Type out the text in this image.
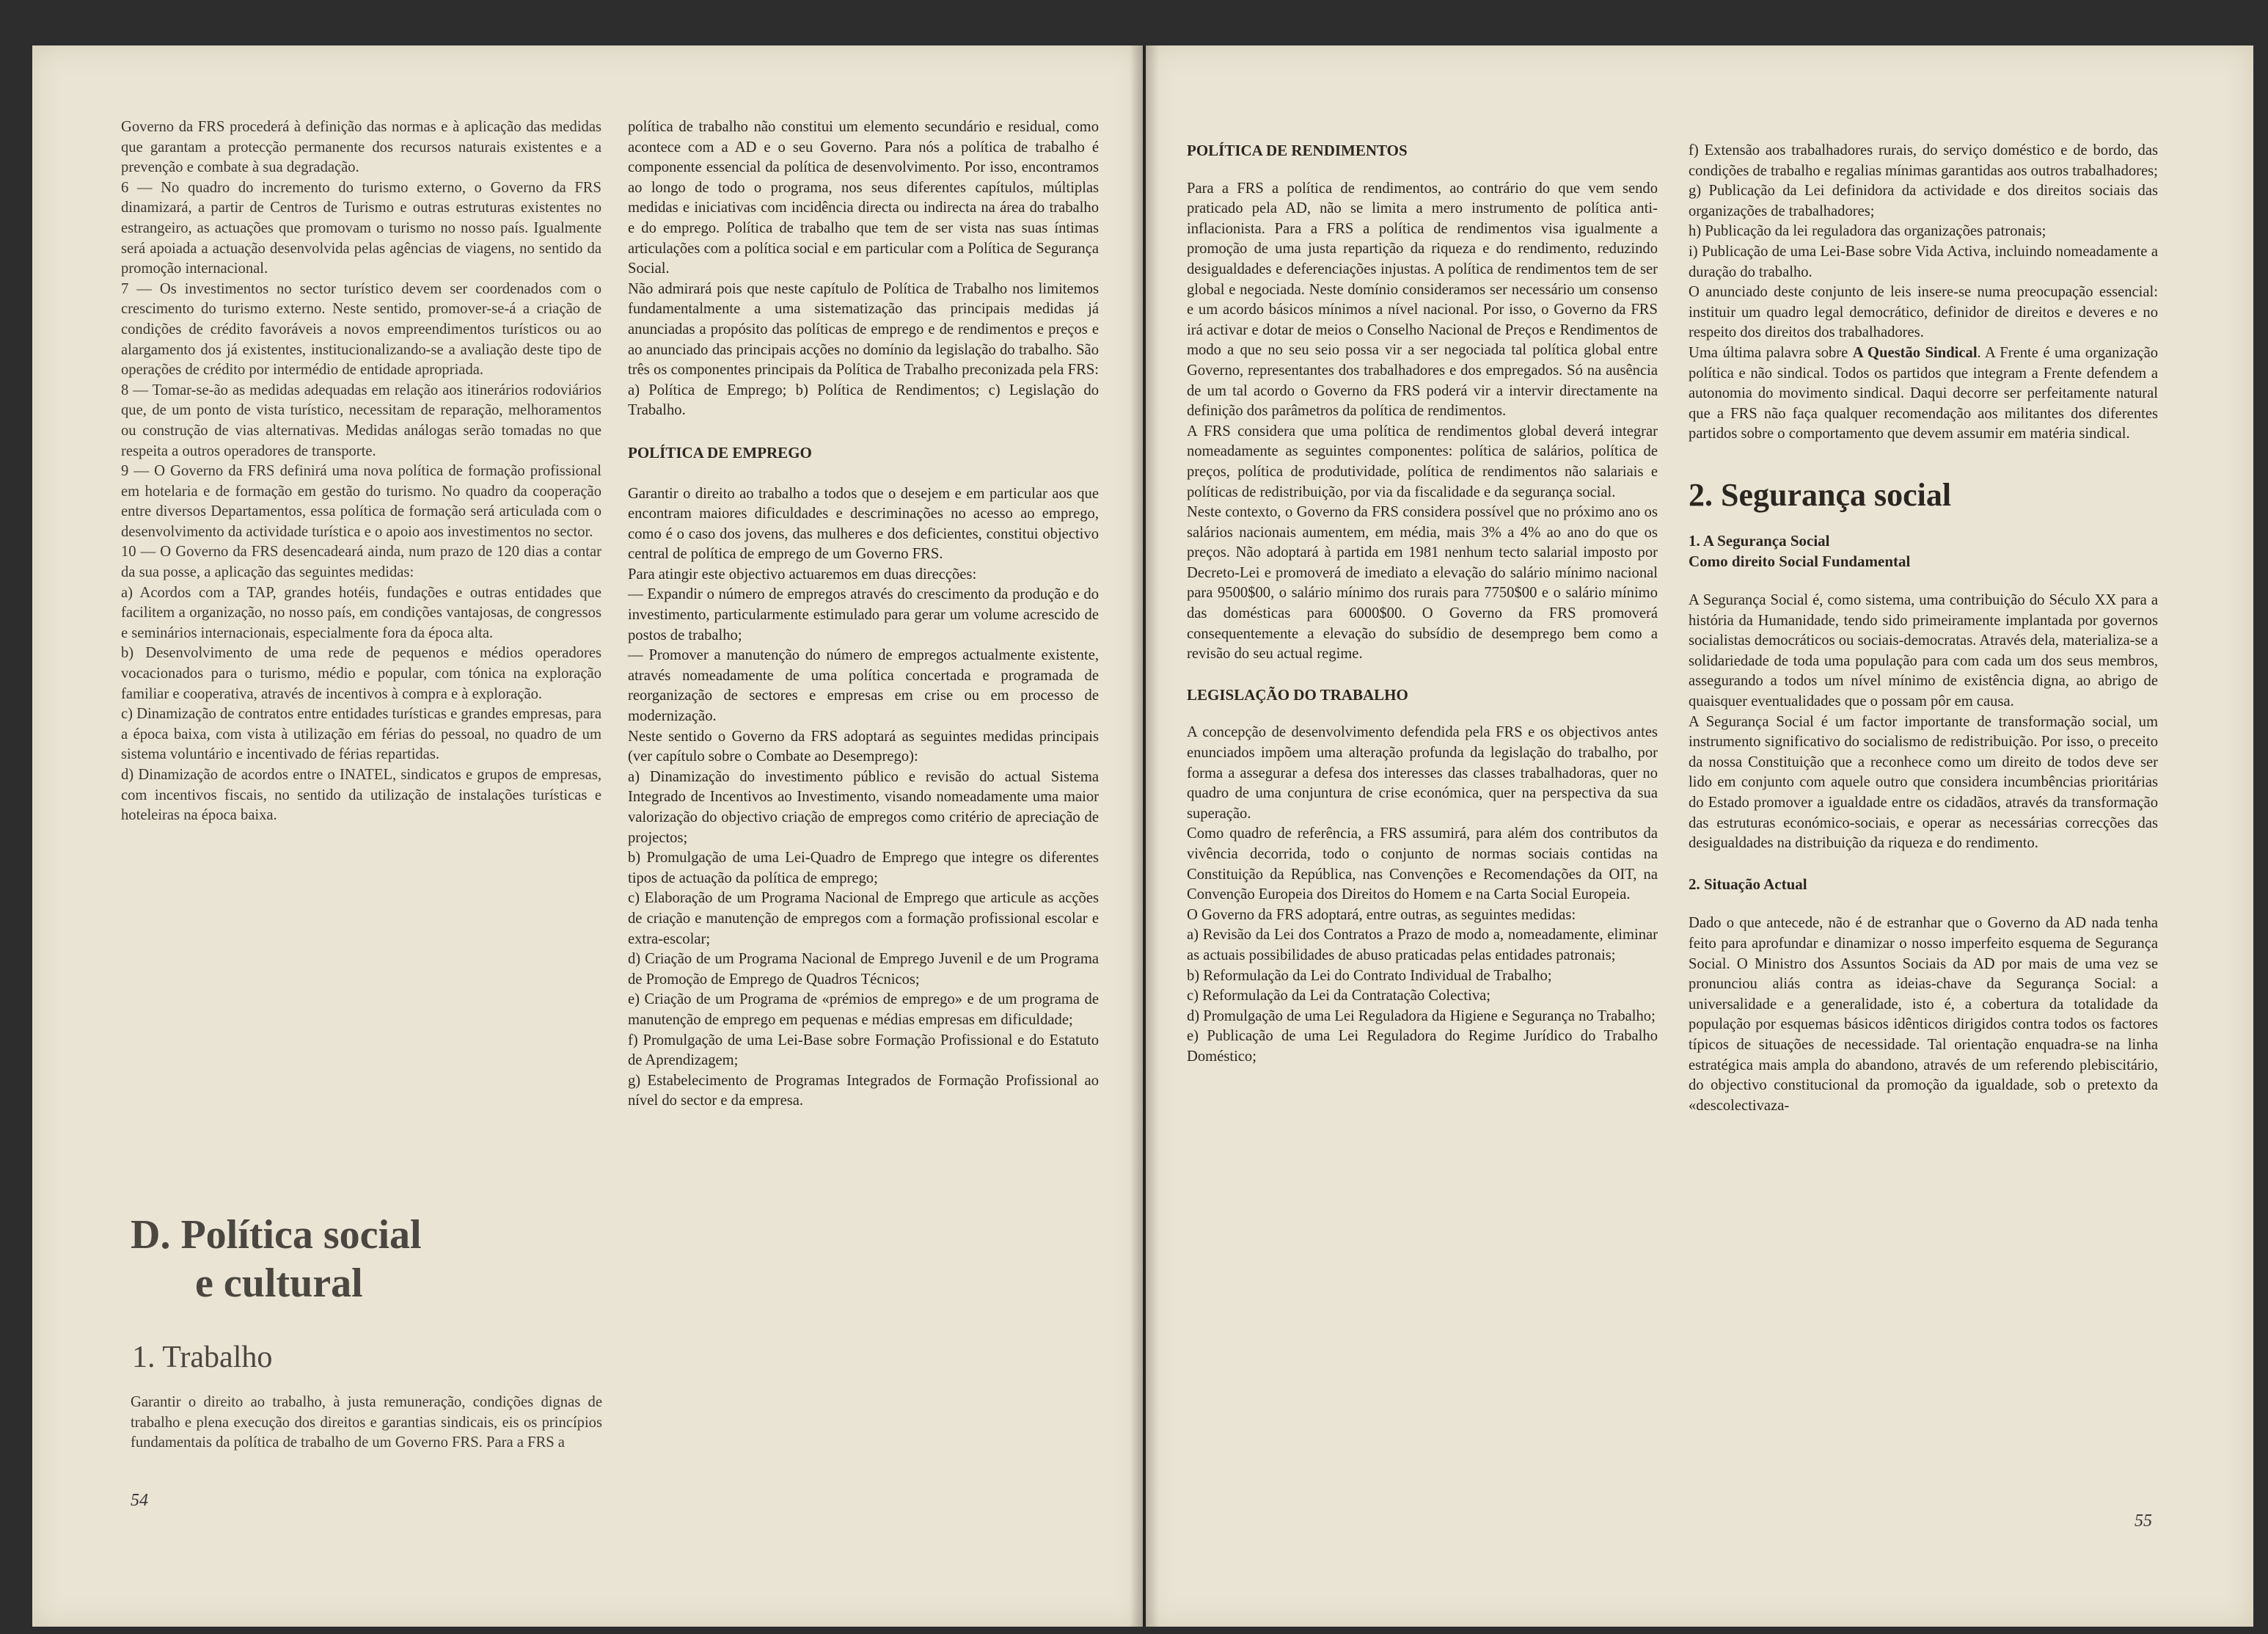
Governo da FRS procederá à definição das normas e à aplicação das medidas que garantam a protecção permanente dos recursos naturais existentes e a prevenção e combate à sua degradação.

6 — No quadro do incremento do turismo externo, o Governo da FRS dinamizará, a partir de Centros de Turismo e outras estruturas existentes no estrangeiro, as actuações que promovam o turismo no nosso país. Igualmente será apoiada a actuação desenvolvida pelas agências de viagens, no sentido da promoção internacional.

7 — Os investimentos no sector turístico devem ser coordenados com o crescimento do turismo externo. Neste sentido, promover-se-á a criação de condições de crédito favoráveis a novos empreendimentos turísticos ou ao alargamento dos já existentes, institucionalizando-se a avaliação deste tipo de operações de crédito por intermédio de entidade apropriada.

8 — Tomar-se-ão as medidas adequadas em relação aos itinerários rodoviários que, de um ponto de vista turístico, necessitam de reparação, melhoramentos ou construção de vias alternativas. Medidas análogas serão tomadas no que respeita a outros operadores de transporte.

9 — O Governo da FRS definirá uma nova política de formação profissional em hotelaria e de formação em gestão do turismo. No quadro da cooperação entre diversos Departamentos, essa política de formação será articulada com o desenvolvimento da actividade turística e o apoio aos investimentos no sector.

10 — O Governo da FRS desencadeará ainda, num prazo de 120 dias a contar da sua posse, a aplicação das seguintes medidas:

a) Acordos com a TAP, grandes hotéis, fundações e outras entidades que facilitem a organização, no nosso país, em condições vantajosas, de congressos e seminários internacionais, especialmente fora da época alta.

b) Desenvolvimento de uma rede de pequenos e médios operadores vocacionados para o turismo, médio e popular, com tónica na exploração familiar e cooperativa, através de incentivos à compra e à exploração.

c) Dinamização de contratos entre entidades turísticas e grandes empresas, para a época baixa, com vista à utilização em férias do pessoal, no quadro de um sistema voluntário e incentivado de férias repartidas.

d) Dinamização de acordos entre o INATEL, sindicatos e grupos de empresas, com incentivos fiscais, no sentido da utilização de instalações turísticas e hoteleiras na época baixa.

D. Política social
e cultural
1. Trabalho

Garantir o direito ao trabalho, à justa remuneração, condições dignas de trabalho e plena execução dos direitos e garantias sindicais, eis os princípios fundamentais da política de trabalho de um Governo FRS. Para a FRS a

54

política de trabalho não constitui um elemento secundário e residual, como acontece com a AD e o seu Governo. Para nós a política de trabalho é componente essencial da política de desenvolvimento. Por isso, encontramos ao longo de todo o programa, nos seus diferentes capítulos, múltiplas medidas e iniciativas com incidência directa ou indirecta na área do trabalho e do emprego. Política de trabalho que tem de ser vista nas suas íntimas articulações com a política social e em particular com a Política de Segurança Social.

Não admirará pois que neste capítulo de Política de Trabalho nos limitemos fundamentalmente a uma sistematização das principais medidas já anunciadas a propósito das políticas de emprego e de rendimentos e preços e ao anunciado das principais acções no domínio da legislação do trabalho. São três os componentes principais da Política de Trabalho preconizada pela FRS: a) Política de Emprego; b) Política de Rendimentos; c) Legislação do Trabalho.

POLÍTICA DE EMPREGO

Garantir o direito ao trabalho a todos que o desejem e em particular aos que encontram maiores dificuldades e descriminações no acesso ao emprego, como é o caso dos jovens, das mulheres e dos deficientes, constitui objectivo central de política de emprego de um Governo FRS.

Para atingir este objectivo actuaremos em duas direcções:

— Expandir o número de empregos através do crescimento da produção e do investimento, particularmente estimulado para gerar um volume acrescido de postos de trabalho;

— Promover a manutenção do número de empregos actualmente existente, através nomeadamente de uma política concertada e programada de reorganização de sectores e empresas em crise ou em processo de modernização.

Neste sentido o Governo da FRS adoptará as seguintes medidas principais (ver capítulo sobre o Combate ao Desemprego):

a) Dinamização do investimento público e revisão do actual Sistema Integrado de Incentivos ao Investimento, visando nomeadamente uma maior valorização do objectivo criação de empregos como critério de apreciação de projectos;

b) Promulgação de uma Lei-Quadro de Emprego que integre os diferentes tipos de actuação da política de emprego;

c) Elaboração de um Programa Nacional de Emprego que articule as acções de criação e manutenção de empregos com a formação profissional escolar e extra-escolar;

d) Criação de um Programa Nacional de Emprego Juvenil e de um Programa de Promoção de Emprego de Quadros Técnicos;

e) Criação de um Programa de «prémios de emprego» e de um programa de manutenção de emprego em pequenas e médias empresas em dificuldade;

f) Promulgação de uma Lei-Base sobre Formação Profissional e do Estatuto de Aprendizagem;

g) Estabelecimento de Programas Integrados de Formação Profissional ao nível do sector e da empresa.

POLÍTICA DE RENDIMENTOS

Para a FRS a política de rendimentos, ao contrário do que vem sendo praticado pela AD, não se limita a mero instrumento de política anti-inflacionista. Para a FRS a política de rendimentos visa igualmente a promoção de uma justa repartição da riqueza e do rendimento, reduzindo desigualdades e deferenciações injustas. A política de rendimentos tem de ser global e negociada. Neste domínio consideramos ser necessário um consenso e um acordo básicos mínimos a nível nacional. Por isso, o Governo da FRS irá activar e dotar de meios o Conselho Nacional de Preços e Rendimentos de modo a que no seu seio possa vir a ser negociada tal política global entre Governo, representantes dos trabalhadores e dos empregados. Só na ausência de um tal acordo o Governo da FRS poderá vir a intervir directamente na definição dos parâmetros da política de rendimentos.

A FRS considera que uma política de rendimentos global deverá integrar nomeadamente as seguintes componentes: política de salários, política de preços, política de produtividade, política de rendimentos não salariais e políticas de redistribuição, por via da fiscalidade e da segurança social.

Neste contexto, o Governo da FRS considera possível que no próximo ano os salários nacionais aumentem, em média, mais 3% a 4% ao ano do que os preços. Não adoptará à partida em 1981 nenhum tecto salarial imposto por Decreto-Lei e promoverá de imediato a elevação do salário mínimo nacional para 9500$00, o salário mínimo dos rurais para 7750$00 e o salário mínimo das domésticas para 6000$00. O Governo da FRS promoverá consequentemente a elevação do subsídio de desemprego bem como a revisão do seu actual regime.

LEGISLAÇÃO DO TRABALHO

A concepção de desenvolvimento defendida pela FRS e os objectivos antes enunciados impõem uma alteração profunda da legislação do trabalho, por forma a assegurar a defesa dos interesses das classes trabalhadoras, quer no quadro de uma conjuntura de crise económica, quer na perspectiva da sua superação.

Como quadro de referência, a FRS assumirá, para além dos contributos da vivência decorrida, todo o conjunto de normas sociais contidas na Constituição da República, nas Convenções e Recomendações da OIT, na Convenção Europeia dos Direitos do Homem e na Carta Social Europeia.

O Governo da FRS adoptará, entre outras, as seguintes medidas:

a) Revisão da Lei dos Contratos a Prazo de modo a, nomeadamente, eliminar as actuais possibilidades de abuso praticadas pelas entidades patronais;

b) Reformulação da Lei do Contrato Individual de Trabalho;

c) Reformulação da Lei da Contratação Colectiva;

d) Promulgação de uma Lei Reguladora da Higiene e Segurança no Trabalho;

e) Publicação de uma Lei Reguladora do Regime Jurídico do Trabalho Doméstico;

f) Extensão aos trabalhadores rurais, do serviço doméstico e de bordo, das condições de trabalho e regalias mínimas garantidas aos outros trabalhadores;

g) Publicação da Lei definidora da actividade e dos direitos sociais das organizações de trabalhadores;

h) Publicação da lei reguladora das organizações patronais;

i) Publicação de uma Lei-Base sobre Vida Activa, incluindo nomeadamente a duração do trabalho.

O anunciado deste conjunto de leis insere-se numa preocupação essencial: instituir um quadro legal democrático, definidor de direitos e deveres e no respeito dos direitos dos trabalhadores.

Uma última palavra sobre A Questão Sindical. A Frente é uma organização política e não sindical. Todos os partidos que integram a Frente defendem a autonomia do movimento sindical. Daqui decorre ser perfeitamente natural que a FRS não faça qualquer recomendação aos militantes dos diferentes partidos sobre o comportamento que devem assumir em matéria sindical.

2. Segurança social

1. A Segurança Social

Como direito Social Fundamental

A Segurança Social é, como sistema, uma contribuição do Século XX para a história da Humanidade, tendo sido primeiramente implantada por governos socialistas democráticos ou sociais-democratas. Através dela, materializa-se a solidariedade de toda uma população para com cada um dos seus membros, assegurando a todos um nível mínimo de existência digna, ao abrigo de quaisquer eventualidades que o possam pôr em causa.

A Segurança Social é um factor importante de transformação social, um instrumento significativo do socialismo de redistribuição. Por isso, o preceito da nossa Constituição que a reconhece como um direito de todos deve ser lido em conjunto com aquele outro que considera incumbências prioritárias do Estado promover a igualdade entre os cidadãos, através da transformação das estruturas económico-sociais, e operar as necessárias correcções das desigualdades na distribuição da riqueza e do rendimento.

2. Situação Actual

Dado o que antecede, não é de estranhar que o Governo da AD nada tenha feito para aprofundar e dinamizar o nosso imperfeito esquema de Segurança Social. O Ministro dos Assuntos Sociais da AD por mais de uma vez se pronunciou aliás contra as ideias-chave da Segurança Social: a universalidade e a generalidade, isto é, a cobertura da totalidade da população por esquemas básicos idênticos dirigidos contra todos os factores típicos de situações de necessidade. Tal orientação enquadra-se na linha estratégica mais ampla do abandono, através de um referendo plebiscitário, do objectivo constitucional da promoção da igualdade, sob o pretexto da «descolectivaza-

55
